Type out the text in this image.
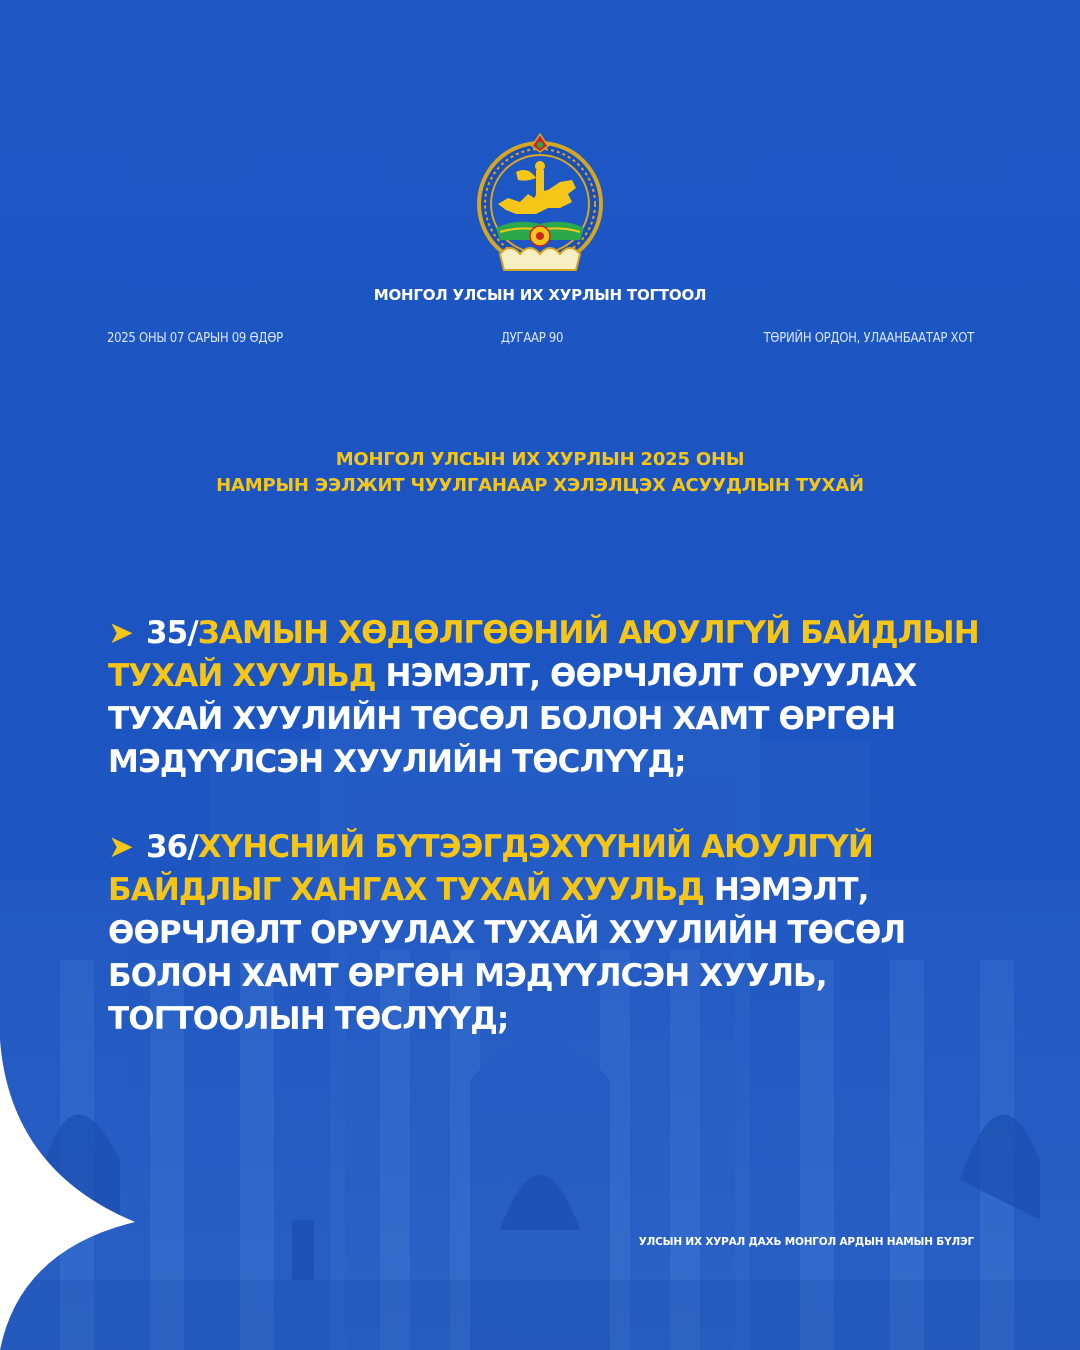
МОНГОЛ УЛСЫН ИХ ХУРЛЫН ТОГТООЛ
2025 ОНЫ 07 САРЫН 09 ӨДӨР	ДУГААР 90	ТӨРИЙН ОРДОН, УЛААНБААТАР ХОТ
МОНГОЛ УЛСЫН ИХ ХУРЛЫН 2025 ОНЫ
НАМРЫН ЭЭЛЖИТ ЧУУЛГАНААР ХЭЛЭЛЦЭХ АСУУДЛЫН ТУХАЙ
➤ 35/ЗАМЫН ХӨДӨЛГӨӨНИЙ АЮУЛГҮЙ БАЙДЛЫН ТУХАЙ ХУУЛЬД НЭМЭЛТ, ӨӨРЧЛӨЛТ ОРУУЛАХ ТУХАЙ ХУУЛИЙН ТӨСӨЛ БОЛОН ХАМТ ӨРГӨН МЭДҮҮЛСЭН ХУУЛИЙН ТӨСЛҮҮД;
➤ 36/ХҮНСНИЙ БҮТЭЭГДЭХҮҮНИЙ АЮУЛГҮЙ БАЙДЛЫГ ХАНГАХ ТУХАЙ ХУУЛЬД НЭМЭЛТ, ӨӨРЧЛӨЛТ ОРУУЛАХ ТУХАЙ ХУУЛИЙН ТӨСӨЛ БОЛОН ХАМТ ӨРГӨН МЭДҮҮЛСЭН ХУУЛЬ, ТОГТООЛЫН ТӨСЛҮҮД;
УЛСЫН ИХ ХУРАЛ ДАХЬ МОНГОЛ АРДЫН НАМЫН БҮЛЭГ
